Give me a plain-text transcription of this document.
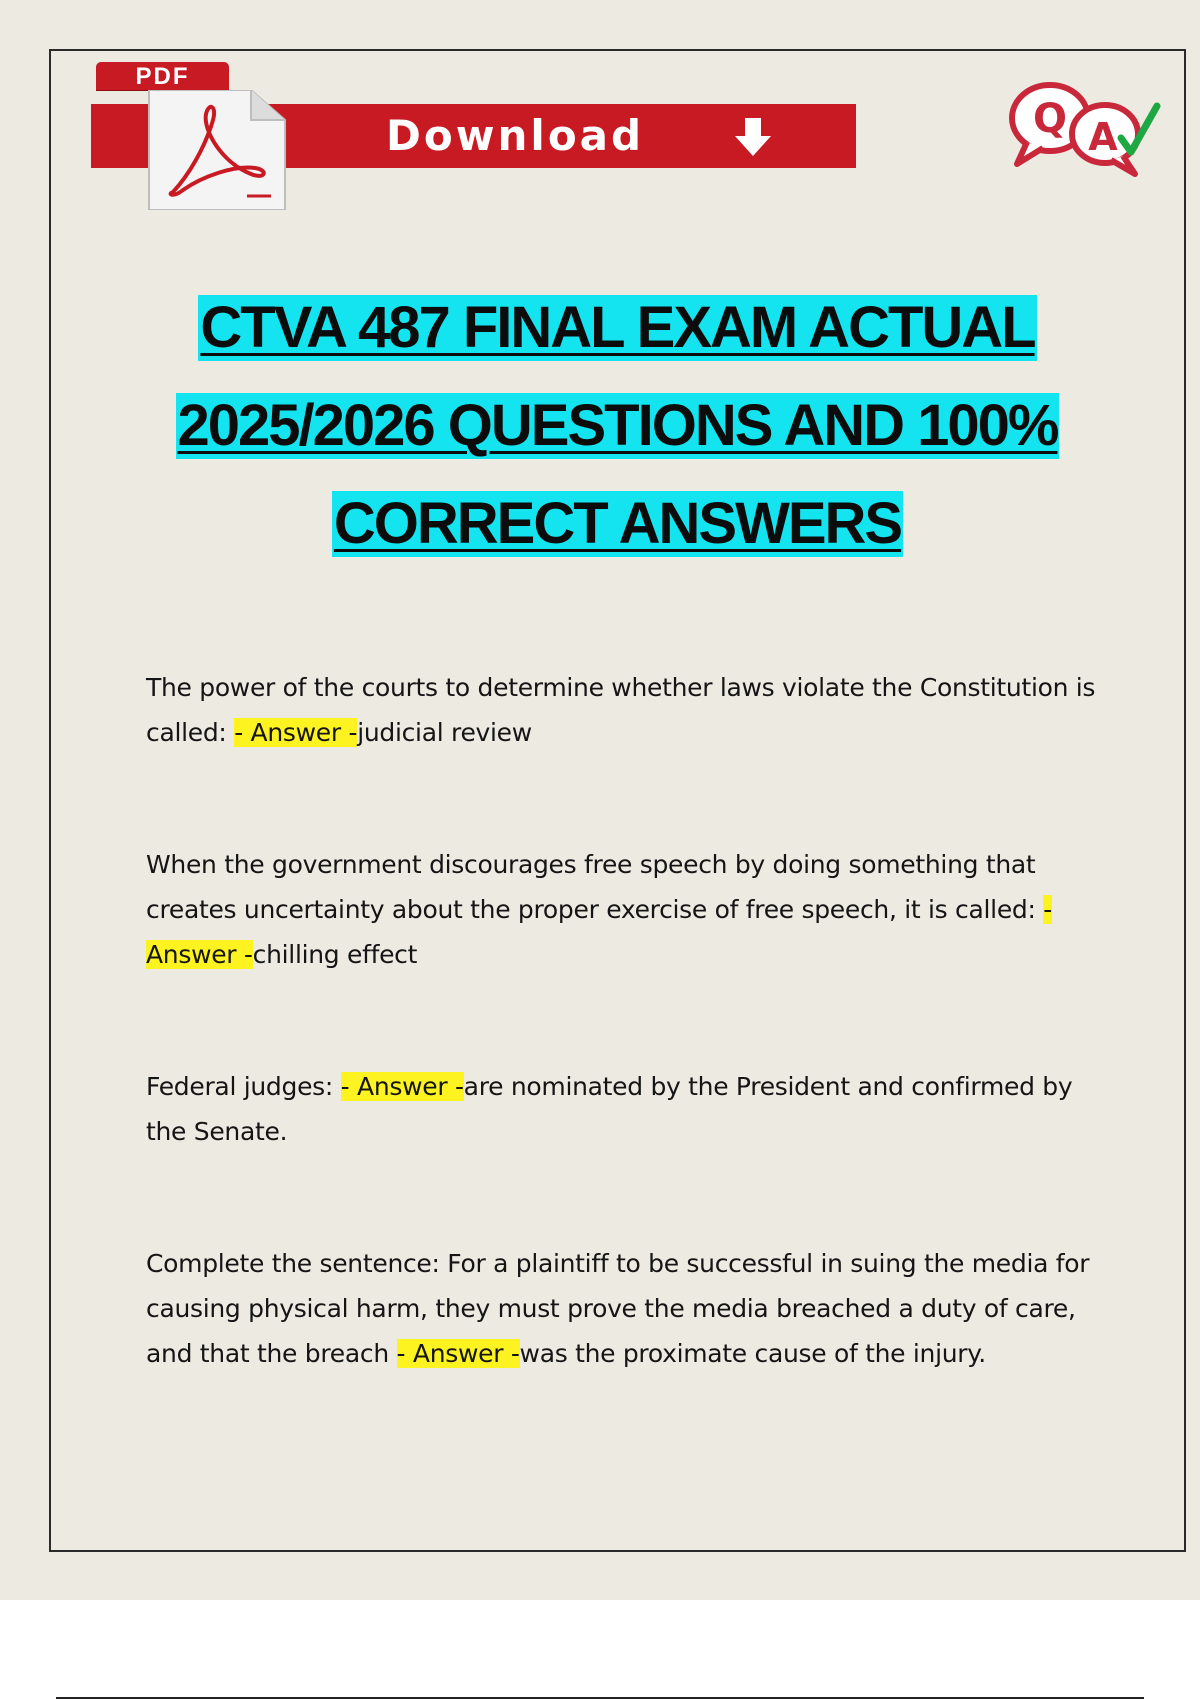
PDF
Download	Q A
CTVA 487 FINAL EXAM ACTUAL
2025/2026 QUESTIONS AND 100%
CORRECT ANSWERS
The power of the courts to determine whether laws violate the Constitution is called: - Answer -judicial review
When the government discourages free speech by doing something that creates uncertainty about the proper exercise of free speech, it is called: - Answer -chilling effect
Federal judges: - Answer -are nominated by the President and confirmed by the Senate.
Complete the sentence: For a plaintiff to be successful in suing the media for causing physical harm, they must prove the media breached a duty of care, and that the breach - Answer -was the proximate cause of the injury.
